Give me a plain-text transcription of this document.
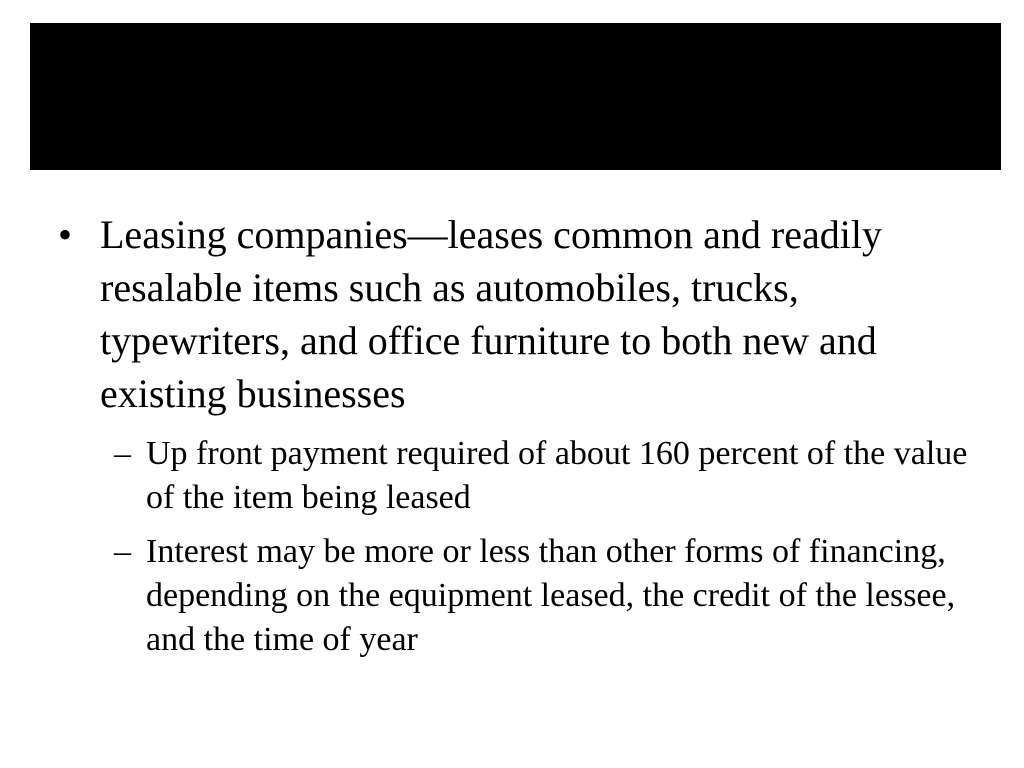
• Leasing companies—leases common and readily resalable items such as automobiles, trucks, typewriters, and office furniture to both new and existing businesses
– Up front payment required of about 160 percent of the value of the item being leased
– Interest may be more or less than other forms of financing, depending on the equipment leased, the credit of the lessee,   and the time of year
